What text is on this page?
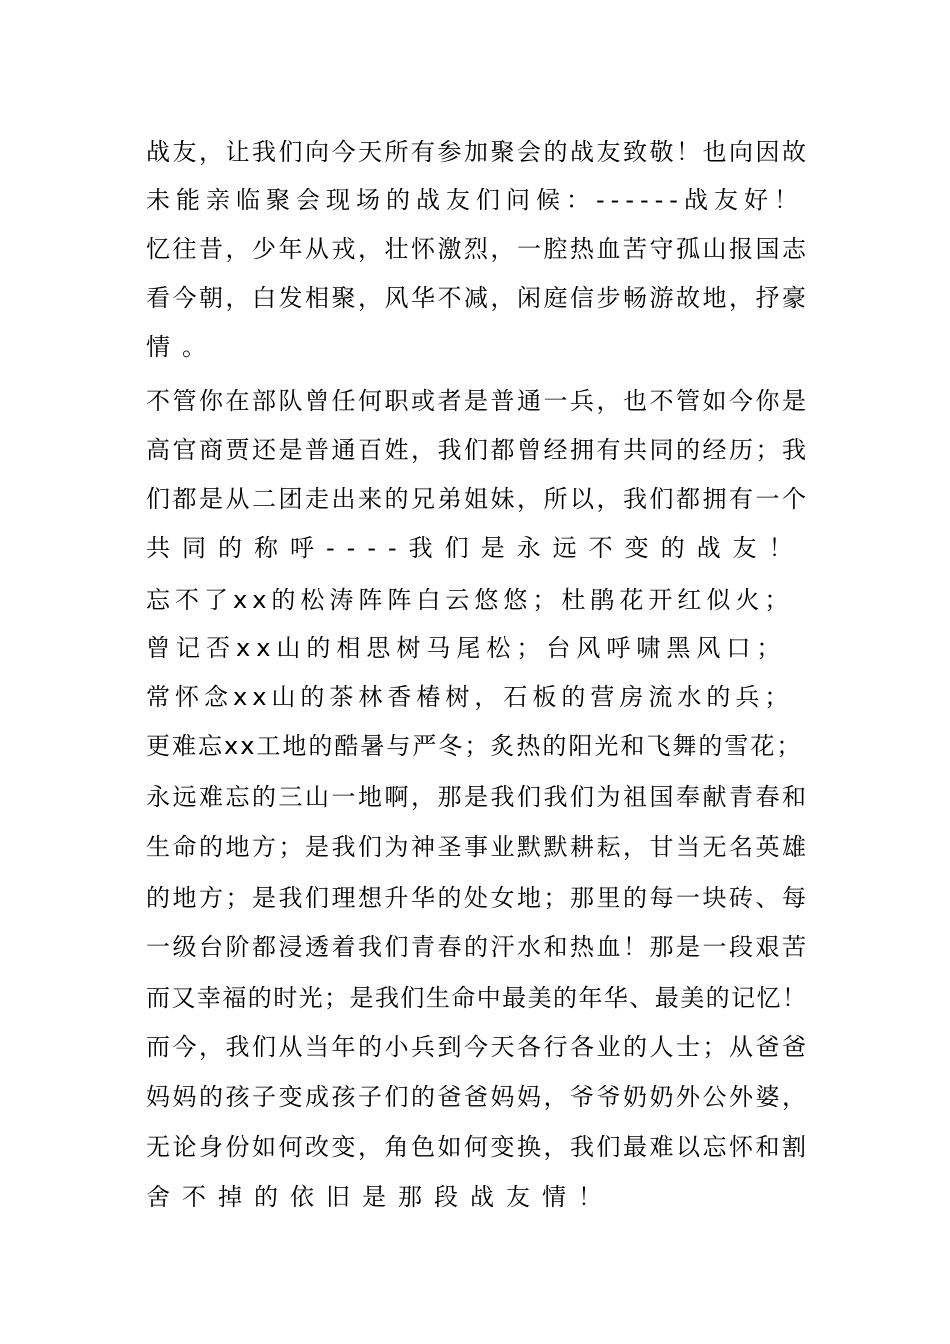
战友，让我们向今天所有参加聚会的战友致敬！也向因故
未能亲临聚会现场的战友们问候：------战友好！
忆往昔，少年从戎，壮怀激烈，一腔热血苦守孤山报国志
看今朝，白发相聚，风华不减，闲庭信步畅游故地，抒豪
情。
不管你在部队曾任何职或者是普通一兵，也不管如今你是
高官商贾还是普通百姓，我们都曾经拥有共同的经历；我
们都是从二团走出来的兄弟姐妹，所以，我们都拥有一个
共同的称呼----我们是永远不变的战友！
忘不了xx的松涛阵阵白云悠悠；杜鹃花开红似火；
曾记否xx山的相思树马尾松；台风呼啸黑风口；
常怀念xx山的茶林香椿树，石板的营房流水的兵；
更难忘xx工地的酷暑与严冬；炙热的阳光和飞舞的雪花；
永远难忘的三山一地啊，那是我们我们为祖国奉献青春和
生命的地方；是我们为神圣事业默默耕耘，甘当无名英雄
的地方；是我们理想升华的处女地；那里的每一块砖、每
一级台阶都浸透着我们青春的汗水和热血！那是一段艰苦
而又幸福的时光；是我们生命中最美的年华、最美的记忆！
而今，我们从当年的小兵到今天各行各业的人士；从爸爸
妈妈的孩子变成孩子们的爸爸妈妈，爷爷奶奶外公外婆，
无论身份如何改变，角色如何变换，我们最难以忘怀和割
舍不掉的依旧是那段战友情！
